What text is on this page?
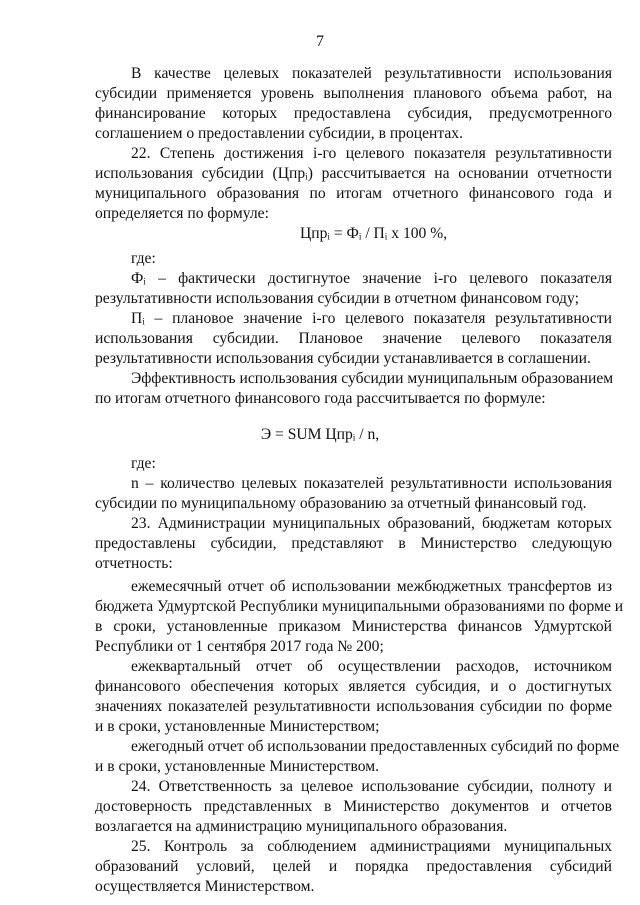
7
В качестве целевых показателей результативности использования
субсидии применяется уровень выполнения планового объема работ, на
финансирование которых предоставлена субсидия, предусмотренного
соглашением о предоставлении субсидии, в процентах.
22. Степень достижения i-го целевого показателя результативности
использования субсидии (Цпрᵢ) рассчитывается на основании отчетности
муниципального образования по итогам отчетного финансового года и
определяется по формуле:
Цпрᵢ = Фᵢ / Пᵢ x 100 %,
где:
Фᵢ – фактически достигнутое значение i-го целевого показателя
результативности использования субсидии в отчетном финансовом году;
Пᵢ – плановое значение i-го целевого показателя результативности
использования субсидии. Плановое значение целевого показателя
результативности использования субсидии устанавливается в соглашении.
Эффективность использования субсидии муниципальным образованием
по итогам отчетного финансового года рассчитывается по формуле:
Э = SUM Цпрᵢ / n,
где:
n – количество целевых показателей результативности использования
субсидии по муниципальному образованию за отчетный финансовый год.
23. Администрации муниципальных образований, бюджетам которых
предоставлены субсидии, представляют в Министерство следующую
отчетность:
ежемесячный отчет об использовании межбюджетных трансфертов из
бюджета Удмуртской Республики муниципальными образованиями по форме и
в сроки, установленные приказом Министерства финансов Удмуртской
Республики от 1 сентября 2017 года № 200;
ежеквартальный отчет об осуществлении расходов, источником
финансового обеспечения которых является субсидия, и о достигнутых
значениях показателей результативности использования субсидии по форме
и в сроки, установленные Министерством;
ежегодный отчет об использовании предоставленных субсидий по форме
и в сроки, установленные Министерством.
24. Ответственность за целевое использование субсидии, полноту и
достоверность представленных в Министерство документов и отчетов
возлагается на администрацию муниципального образования.
25. Контроль за соблюдением администрациями муниципальных
образований условий, целей и порядка предоставления субсидий
осуществляется Министерством.
